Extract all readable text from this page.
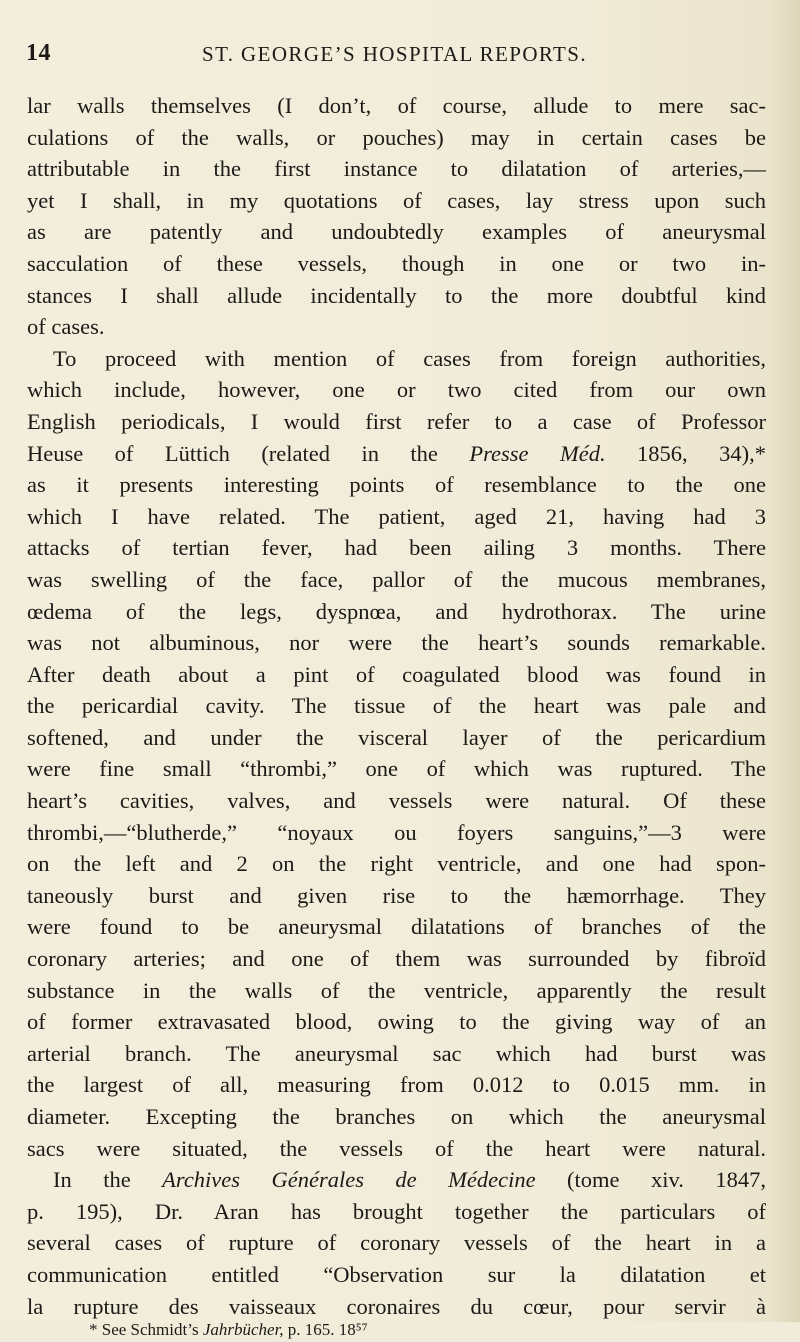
14	ST. GEORGE’S HOSPITAL REPORTS.
lar walls themselves (I don’t, of course, allude to mere sac-
culations of the walls, or pouches) may in certain cases be
attributable in the first instance to dilatation of arteries,—
yet I shall, in my quotations of cases, lay stress upon such
as are patently and undoubtedly examples of aneurysmal
sacculation of these vessels, though in one or two in-
stances I shall allude incidentally to the more doubtful kind
of cases.
To proceed with mention of cases from foreign authorities,
which include, however, one or two cited from our own
English periodicals, I would first refer to a case of Professor
Heuse of Lüttich (related in the Presse Méd. 1856, 34),*
as it presents interesting points of resemblance to the one
which I have related. The patient, aged 21, having had 3
attacks of tertian fever, had been ailing 3 months. There
was swelling of the face, pallor of the mucous membranes,
œdema of the legs, dyspnœa, and hydrothorax. The urine
was not albuminous, nor were the heart’s sounds remarkable.
After death about a pint of coagulated blood was found in
the pericardial cavity. The tissue of the heart was pale and
softened, and under the visceral layer of the pericardium
were fine small “thrombi,” one of which was ruptured. The
heart’s cavities, valves, and vessels were natural. Of these
thrombi,—“blutherde,” “noyaux ou foyers sanguins,”—3 were
on the left and 2 on the right ventricle, and one had spon-
taneously burst and given rise to the hæmorrhage. They
were found to be aneurysmal dilatations of branches of the
coronary arteries; and one of them was surrounded by fibroïd
substance in the walls of the ventricle, apparently the result
of former extravasated blood, owing to the giving way of an
arterial branch. The aneurysmal sac which had burst was
the largest of all, measuring from 0.012 to 0.015 mm. in
diameter. Excepting the branches on which the aneurysmal
sacs were situated, the vessels of the heart were natural.
In the Archives Générales de Médecine (tome xiv. 1847,
p. 195), Dr. Aran has brought together the particulars of
several cases of rupture of coronary vessels of the heart in a
communication entitled “Observation sur la dilatation et
la rupture des vaisseaux coronaires du cœur, pour servir à
* See Schmidt’s Jahrbücher, p. 165. 18⁵⁷
